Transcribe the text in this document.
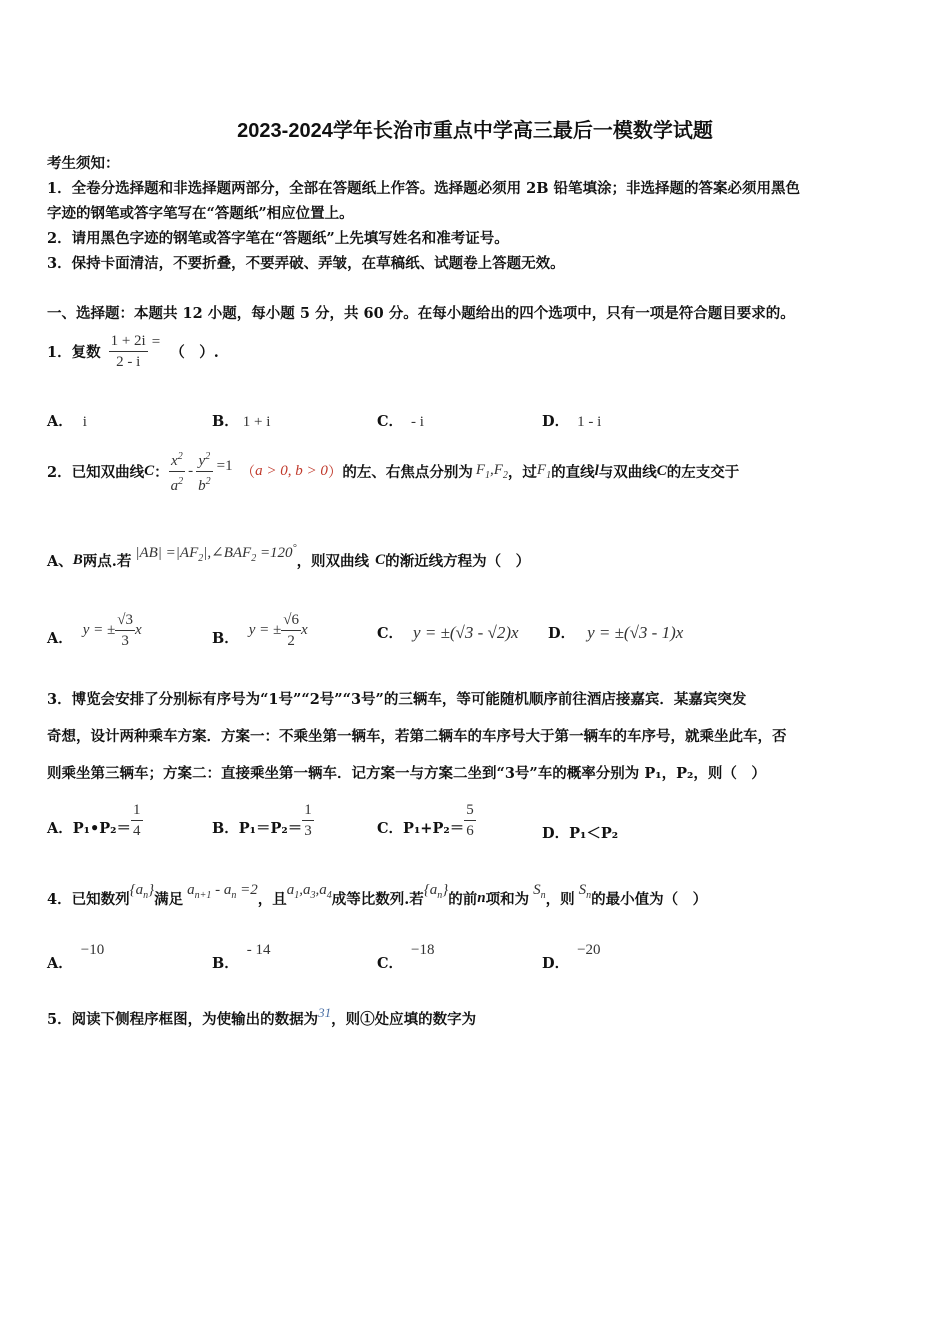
2023-2024学年长治市重点中学高三最后一模数学试题
考生须知：
1．全卷分选择题和非选择题两部分，全部在答题纸上作答。选择题必须用 2B 铅笔填涂；非选择题的答案必须用黑色
字迹的钢笔或答字笔写在“答题纸”相应位置上。
2．请用黑色字迹的钢笔或答字笔在“答题纸”上先填写姓名和准考证号。
3．保持卡面清洁，不要折叠，不要弄破、弄皱，在草稿纸、试题卷上答题无效。
一、选择题：本题共 12 小题，每小题 5 分，共 60 分。在每小题给出的四个选项中，只有一项是符合题目要求的。
1．复数 $\frac{1 + 2i}{2 - i}$ =
（　）.
A． i	B． 1 + i	C． - i	D． 1 - i
2．已知双曲线 C ： $\frac{x^2}{a^2} - \frac{y^2}{b^2} =1$ （ a > 0, b > 0 ） 的左、右焦点分别为 $F_1,F_2$ ，过 $F_1$ 的直线 l 与双曲线 C 的左支交于
A、 B 两点.若 $|AB| =|AF_2|,\angle BAF_2 =120^\circ$
，则双曲线 C 的渐近线方程为（　）
A． y = ± $\frac{√3}{3}$ x	B． y = ± $\frac{√6}{2}$ x	C． y = ±(√3 - √2)x D． y = ±(√3 - 1)x
3．博览会安排了分别标有序号为“1号”“2号”“3号”的三辆车，等可能随机顺序前往酒店接嘉宾．某嘉宾突发
奇想，设计两种乘车方案．方案一：不乘坐第一辆车，若第二辆车的车序号大于第一辆车的车序号，就乘坐此车，否
则乘坐第三辆车；方案二：直接乘坐第一辆车．记方案一与方案二坐到“3号”车的概率分别为 P₁，P₂，则（　）
A．P₁•P₂＝ $\frac{1}{4}$	B．$P_1=P_2= \frac{1}{3}$	C．$P_1+P_2= \frac{5}{6}$	D．P₁＜P₂
4．已知数列
$\{a_n\}$
满足
$a_{n+1} - a_n =2$
，且
$a_1,a_3,a_4$ 成等比数列.若
$\{a_n\}$
的前 n 项和为
$S_n$ ，则
$S_n$ 的最小值为（　）
A．−10
B．- 14
C．−18
D．−20
5．阅读下侧程序框图，为使输出的数据为 31 ，则①处应填的数字为
